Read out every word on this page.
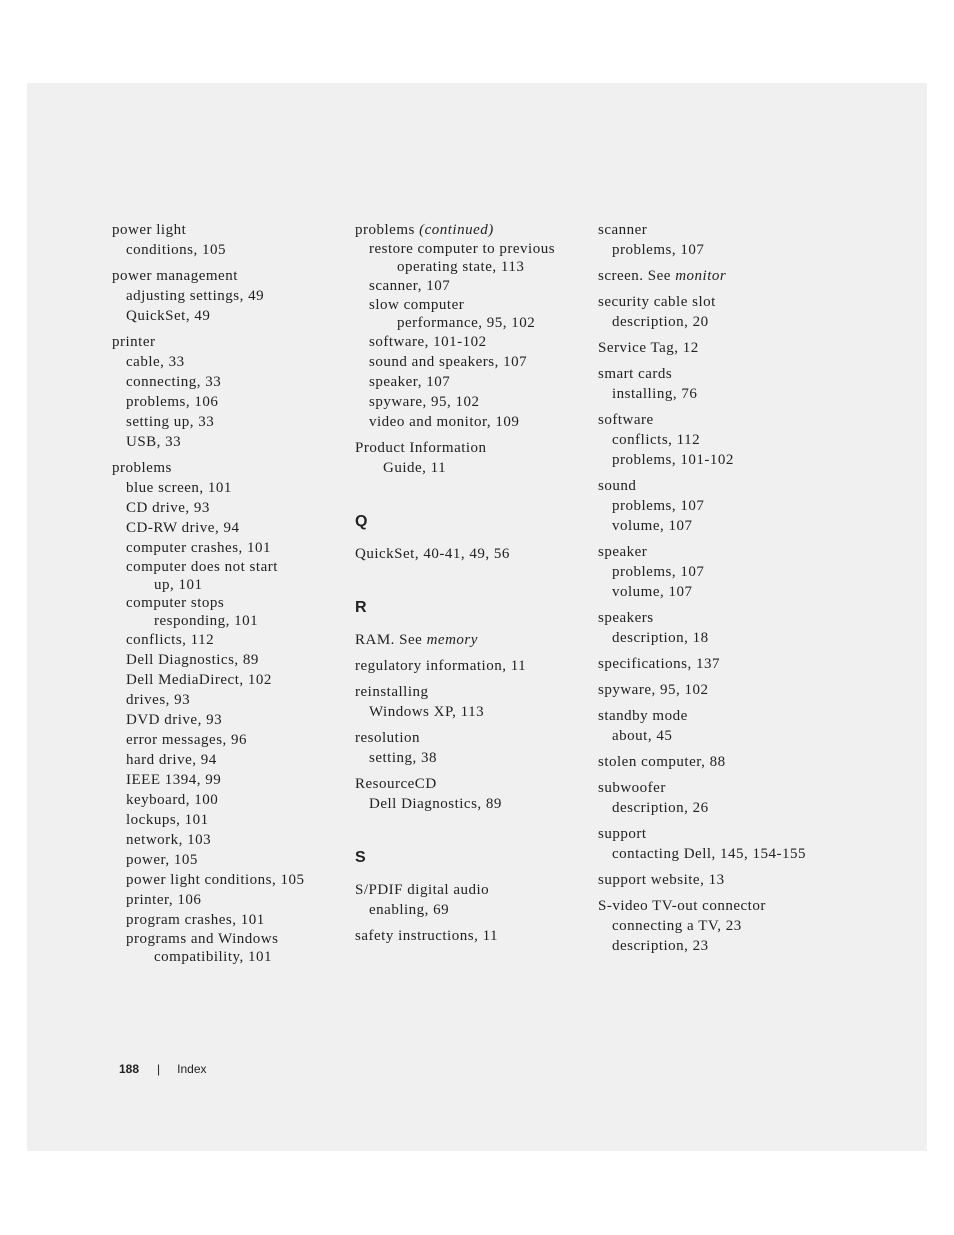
power light
conditions, 105
power management
adjusting settings, 49
QuickSet, 49
printer
cable, 33
connecting, 33
problems, 106
setting up, 33
USB, 33
problems
blue screen, 101
CD drive, 93
CD-RW drive, 94
computer crashes, 101
computer does not start
up, 101
computer stops
responding, 101
conflicts, 112
Dell Diagnostics, 89
Dell MediaDirect, 102
drives, 93
DVD drive, 93
error messages, 96
hard drive, 94
IEEE 1394, 99
keyboard, 100
lockups, 101
network, 103
power, 105
power light conditions, 105
printer, 106
program crashes, 101
programs and Windows
compatibility, 101
problems (continued)
restore computer to previous
operating state, 113
scanner, 107
slow computer
performance, 95, 102
software, 101-102
sound and speakers, 107
speaker, 107
spyware, 95, 102
video and monitor, 109
Product Information
Guide, 11
Q
QuickSet, 40-41, 49, 56
R
RAM. See memory
regulatory information, 11
reinstalling
Windows XP, 113
resolution
setting, 38
ResourceCD
Dell Diagnostics, 89
S
S/PDIF digital audio
enabling, 69
safety instructions, 11
scanner
problems, 107
screen. See monitor
security cable slot
description, 20
Service Tag, 12
smart cards
installing, 76
software
conflicts, 112
problems, 101-102
sound
problems, 107
volume, 107
speaker
problems, 107
volume, 107
speakers
description, 18
specifications, 137
spyware, 95, 102
standby mode
about, 45
stolen computer, 88
subwoofer
description, 26
support
contacting Dell, 145, 154-155
support website, 13
S-video TV-out connector
connecting a TV, 23
description, 23
188 | Index
